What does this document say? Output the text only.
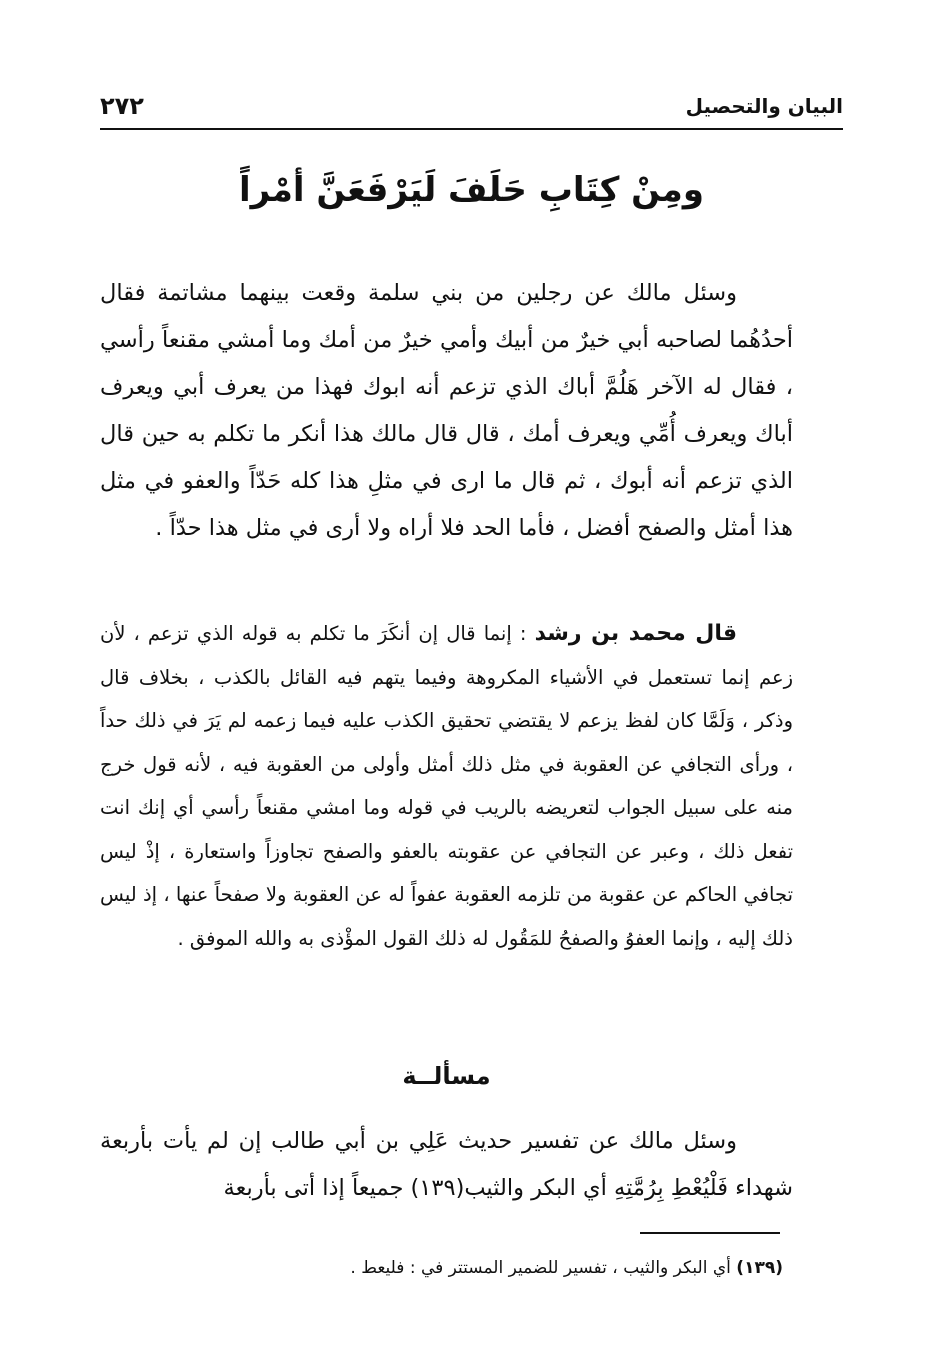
٢٧٢	البيان والتحصيل
ومِنْ كِتَابِ حَلَفَ لَيَرْفَعَنَّ أمْراً
وسئل مالك عن رجلين من بني سلمة وقعت بينهما مشاتمة فقال أحدُهُما لصاحبه أبي خيرٌ من أبيك وأمي خيرٌ من أمك وما أمشي مقنعاً رأسي ، فقال له الآخر هَلُمَّ أباك الذي تزعم أنه ابوك فهذا من يعرف أبي ويعرف أباك ويعرف أُمِّي ويعرف أمك ، قال قال مالك هذا أنكر ما تكلم به حين قال الذي تزعم أنه أبوك ، ثم قال ما ارى في مثلِ هذا كله حَدّاً والعفو في مثل هذا أمثل والصفح أفضل ، فأما الحد فلا أراه ولا أرى في مثل هذا حدّاً .
قال محمد بن رشد : إنما قال إن أنكَرَ ما تكلم به قوله الذي تزعم ، لأن زعم إنما تستعمل في الأشياء المكروهة وفيما يتهم فيه القائل بالكذب ، بخلاف قال وذكر ، وَلَمَّا كان لفظ يزعم لا يقتضي تحقيق الكذب عليه فيما زعمه لم يَرَ في ذلك حداً ، ورأى التجافي عن العقوبة في مثل ذلك أمثل وأولى من العقوبة فيه ، لأنه قول خرج منه على سبيل الجواب لتعريضه بالريب في قوله وما امشي مقنعاً رأسي أي إنك انت تفعل ذلك ، وعبر عن التجافي عن عقوبته بالعفو والصفح تجاوزاً واستعارة ، إذْ ليس تجافي الحاكم عن عقوبة من تلزمه العقوبة عفواً له عن العقوبة ولا صفحاً عنها ، إذ ليس ذلك إليه ، وإنما العفوُ والصفحُ للمَقُول له ذلك القول المؤْذى به والله الموفق .
مسألــة
وسئل مالك عن تفسير حديث عَلِي بن أبي طالب إن لم يأت بأربعة شهداء فَلْيُعْطِ بِرُمَّتِهِ أي البكر والثيب(١٣٩) جميعاً إذا أتى بأربعة
(١٣٩) أي البكر والثيب ، تفسير للضمير المستتر في : فليعط .
